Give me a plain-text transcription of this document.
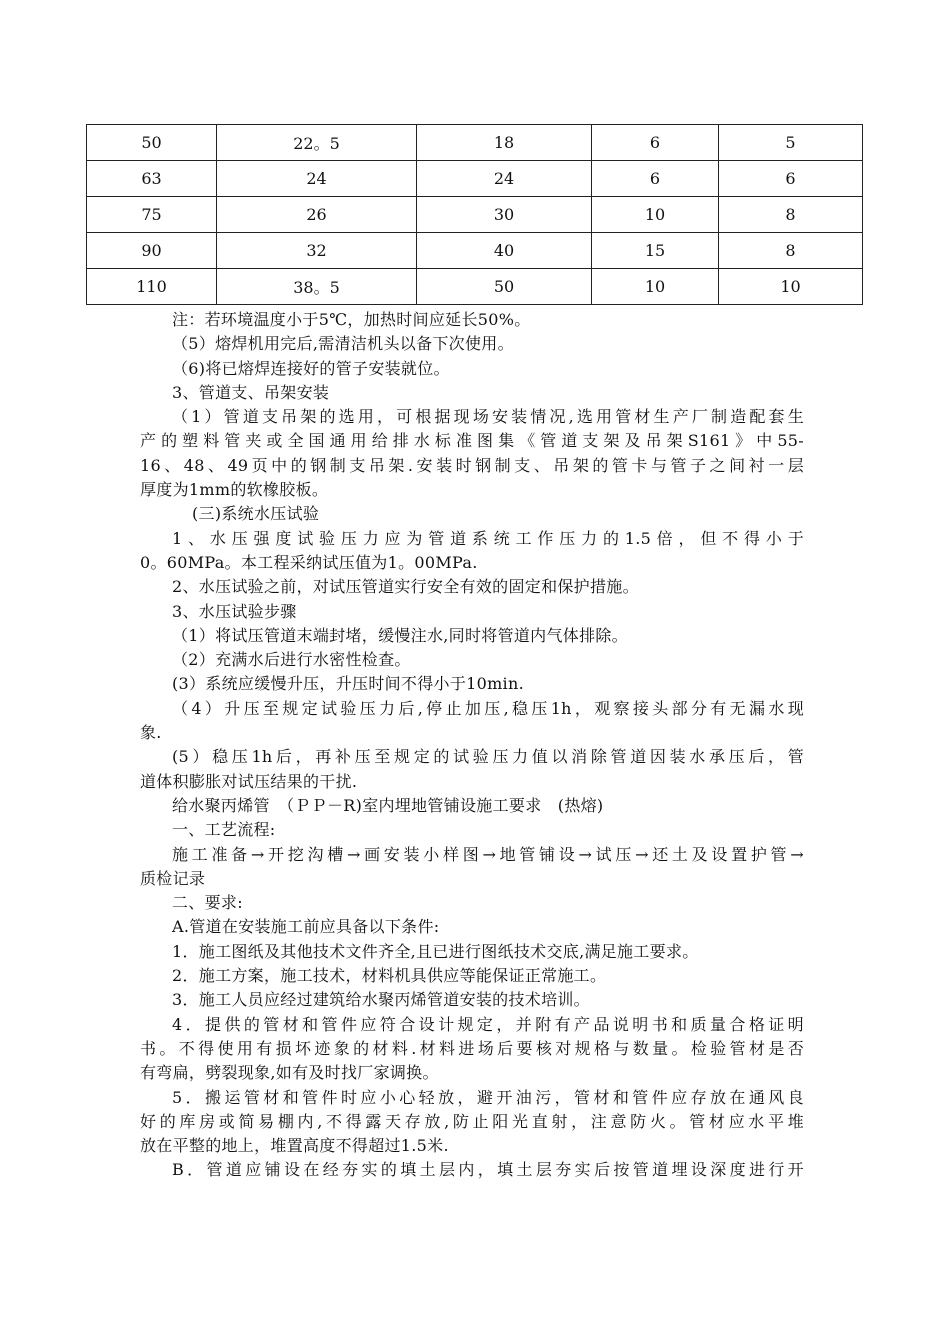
50	22。5	18	6	5
63	24	24	6	6
75	26	30	10	8
90	32	40	15	8
110	38。5	50	10	10
注：若环境温度小于5℃，加热时间应延长50%。
（5）熔焊机用完后,需清洁机头以备下次使用。
（6)将已熔焊连接好的管子安装就位。
3、管道支、吊架安装
（1）管道支吊架的选用，可根据现场安装情况,选用管材生产厂制造配套生
产的塑料管夹或全国通用给排水标准图集《管道支架及吊架S161》中55-
16、48、49页中的钢制支吊架.安装时钢制支、吊架的管卡与管子之间衬一层
厚度为1mm的软橡胶板。
(三)系统水压试验
1、水压强度试验压力应为管道系统工作压力的1.5倍，但不得小于
0。60MPa。本工程采纳试压值为1。00MPa.
2、水压试验之前，对试压管道实行安全有效的固定和保护措施。
3、水压试验步骤
（1）将试压管道末端封堵，缓慢注水,同时将管道内气体排除。
（2）充满水后进行水密性检查。
(3）系统应缓慢升压，升压时间不得小于10min.
（4）升压至规定试验压力后,停止加压,稳压1h，观察接头部分有无漏水现
象.
(5）稳压1h后，再补压至规定的试验压力值以消除管道因装水承压后，管
道体积膨胀对试压结果的干扰.
给水聚丙烯管　（ＰＰ－R)室内埋地管铺设施工要求　(热熔)
一、工艺流程:
施工准备→开挖沟槽→画安装小样图→地管铺设→试压→还土及设置护管→
质检记录
二、要求:
A.管道在安装施工前应具备以下条件:
1．施工图纸及其他技术文件齐全,且已进行图纸技术交底,满足施工要求。
2．施工方案，施工技术，材料机具供应等能保证正常施工。
3．施工人员应经过建筑给水聚丙烯管道安装的技术培训。
4．提供的管材和管件应符合设计规定，并附有产品说明书和质量合格证明
书。不得使用有损坏迹象的材料.材料进场后要核对规格与数量。检验管材是否
有弯扁，劈裂现象,如有及时找厂家调换。
5．搬运管材和管件时应小心轻放，避开油污，管材和管件应存放在通风良
好的库房或简易棚内,不得露天存放,防止阳光直射，注意防火。管材应水平堆
放在平整的地上，堆置高度不得超过1.5米.
B．管道应铺设在经夯实的填土层内，填土层夯实后按管道埋设深度进行开
